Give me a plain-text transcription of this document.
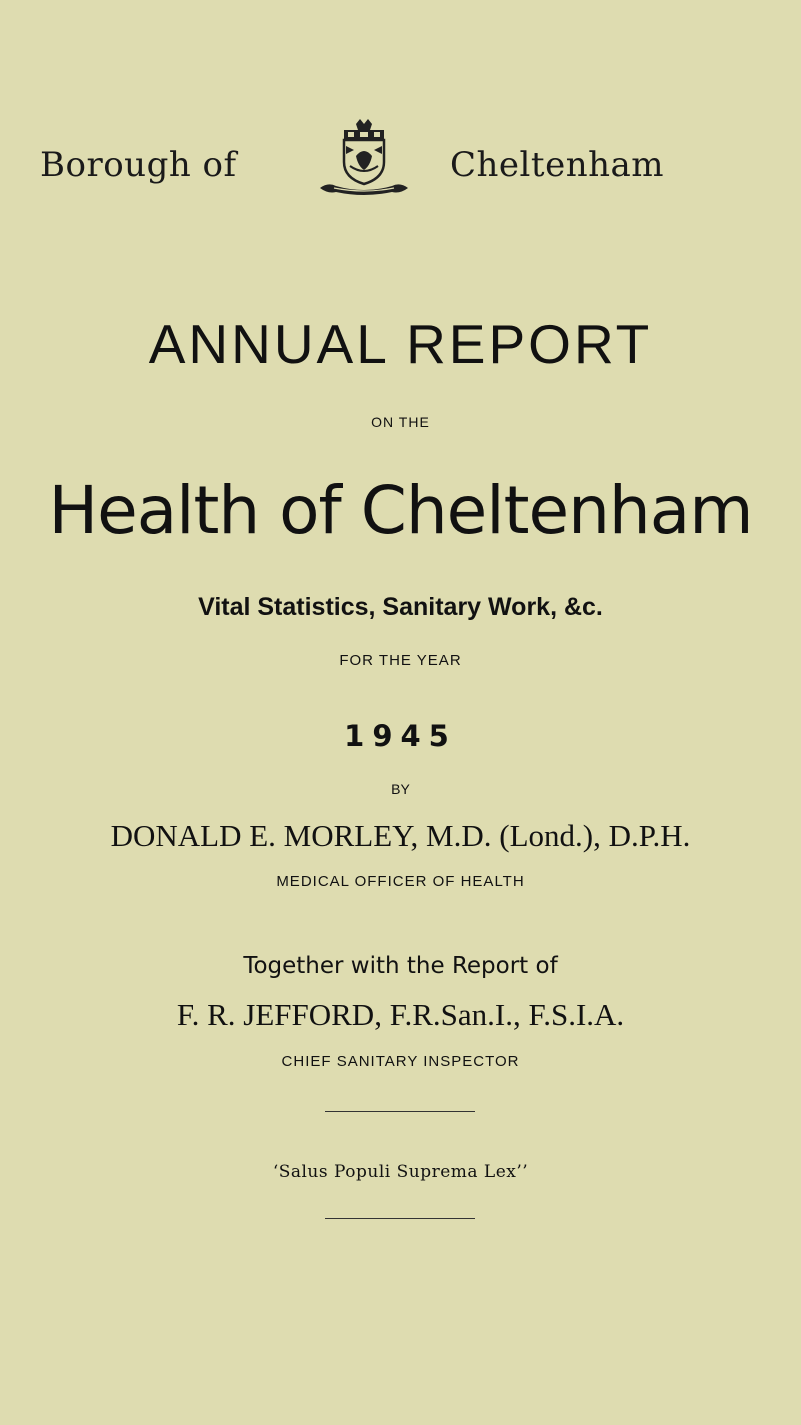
Borough of	Cheltenham
ANNUAL REPORT
ON THE
Health of Cheltenham
Vital Statistics, Sanitary Work, &c.
FOR THE YEAR
1945
BY
DONALD E. MORLEY, M.D. (Lond.), D.P.H.
MEDICAL OFFICER OF HEALTH
Together with the Report of
F. R. JEFFORD, F.R.San.I., F.S.I.A.
CHIEF SANITARY INSPECTOR
‘Salus Populi Suprema Lex’’
